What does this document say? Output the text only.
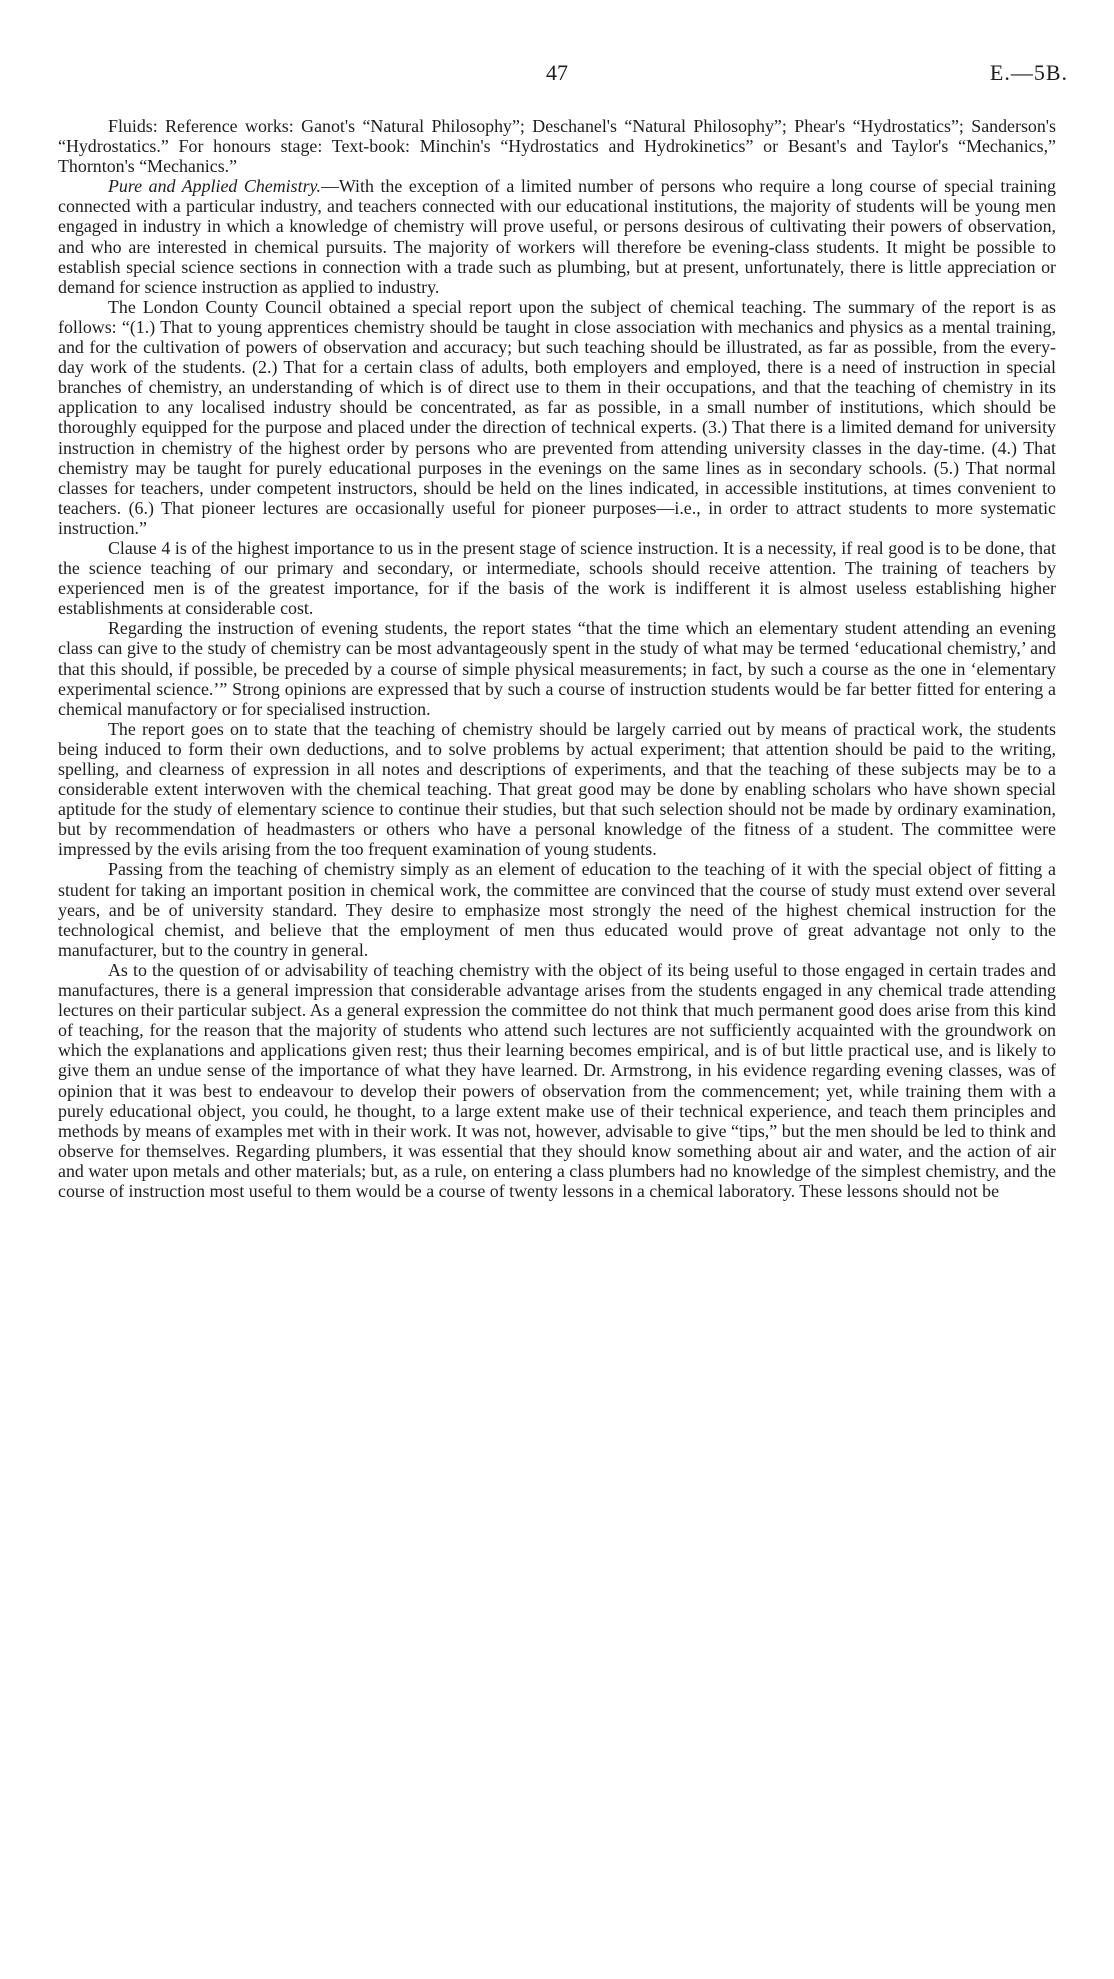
47	E.—5B.

Fluids: Reference works: Ganot's “Natural Philosophy”; Deschanel's “Natural Philosophy”; Phear's “Hydrostatics”; Sanderson's “Hydrostatics.” For honours stage: Text-book: Minchin's “Hydrostatics and Hydrokinetics” or Besant's and Taylor's “Mechanics,” Thornton's “Mechanics.”

Pure and Applied Chemistry.—With the exception of a limited number of persons who require a long course of special training connected with a particular industry, and teachers connected with our educational institutions, the majority of students will be young men engaged in industry in which a knowledge of chemistry will prove useful, or persons desirous of cultivating their powers of observation, and who are interested in chemical pursuits. The majority of workers will therefore be evening-class students. It might be possible to establish special science sections in connection with a trade such as plumbing, but at present, unfortunately, there is little appreciation or demand for science instruction as applied to industry.

The London County Council obtained a special report upon the subject of chemical teaching. The summary of the report is as follows: “(1.) That to young apprentices chemistry should be taught in close association with mechanics and physics as a mental training, and for the cultivation of powers of observation and accuracy; but such teaching should be illustrated, as far as possible, from the every-day work of the students. (2.) That for a certain class of adults, both employers and employed, there is a need of instruction in special branches of chemistry, an understanding of which is of direct use to them in their occupations, and that the teaching of chemistry in its application to any localised industry should be concentrated, as far as possible, in a small number of institutions, which should be thoroughly equipped for the purpose and placed under the direction of technical experts. (3.) That there is a limited demand for university instruction in chemistry of the highest order by persons who are prevented from attending university classes in the day-time. (4.) That chemistry may be taught for purely educational purposes in the evenings on the same lines as in secondary schools. (5.) That normal classes for teachers, under competent instructors, should be held on the lines indicated, in accessible institutions, at times convenient to teachers. (6.) That pioneer lectures are occasionally useful for pioneer purposes—i.e., in order to attract students to more systematic instruction.”

Clause 4 is of the highest importance to us in the present stage of science instruction. It is a necessity, if real good is to be done, that the science teaching of our primary and secondary, or intermediate, schools should receive attention. The training of teachers by experienced men is of the greatest importance, for if the basis of the work is indifferent it is almost useless establishing higher establishments at considerable cost.

Regarding the instruction of evening students, the report states “that the time which an elementary student attending an evening class can give to the study of chemistry can be most advantageously spent in the study of what may be termed ‘educational chemistry,’ and that this should, if possible, be preceded by a course of simple physical measurements; in fact, by such a course as the one in ‘elementary experimental science.’” Strong opinions are expressed that by such a course of instruction students would be far better fitted for entering a chemical manufactory or for specialised instruction.

The report goes on to state that the teaching of chemistry should be largely carried out by means of practical work, the students being induced to form their own deductions, and to solve problems by actual experiment; that attention should be paid to the writing, spelling, and clearness of expression in all notes and descriptions of experiments, and that the teaching of these subjects may be to a considerable extent interwoven with the chemical teaching. That great good may be done by enabling scholars who have shown special aptitude for the study of elementary science to continue their studies, but that such selection should not be made by ordinary examination, but by recommendation of headmasters or others who have a personal knowledge of the fitness of a student. The committee were impressed by the evils arising from the too frequent examination of young students.

Passing from the teaching of chemistry simply as an element of education to the teaching of it with the special object of fitting a student for taking an important position in chemical work, the committee are convinced that the course of study must extend over several years, and be of university standard. They desire to emphasize most strongly the need of the highest chemical instruction for the technological chemist, and believe that the employment of men thus educated would prove of great advantage not only to the manufacturer, but to the country in general.

As to the question of or advisability of teaching chemistry with the object of its being useful to those engaged in certain trades and manufactures, there is a general impression that considerable advantage arises from the students engaged in any chemical trade attending lectures on their particular subject. As a general expression the committee do not think that much permanent good does arise from this kind of teaching, for the reason that the majority of students who attend such lectures are not sufficiently acquainted with the groundwork on which the explanations and applications given rest; thus their learning becomes empirical, and is of but little practical use, and is likely to give them an undue sense of the importance of what they have learned. Dr. Armstrong, in his evidence regarding evening classes, was of opinion that it was best to endeavour to develop their powers of observation from the commencement; yet, while training them with a purely educational object, you could, he thought, to a large extent make use of their technical experience, and teach them principles and methods by means of examples met with in their work. It was not, however, advisable to give “tips,” but the men should be led to think and observe for themselves. Regarding plumbers, it was essential that they should know something about air and water, and the action of air and water upon metals and other materials; but, as a rule, on entering a class plumbers had no knowledge of the simplest chemistry, and the course of instruction most useful to them would be a course of twenty lessons in a chemical laboratory. These lessons should not be
